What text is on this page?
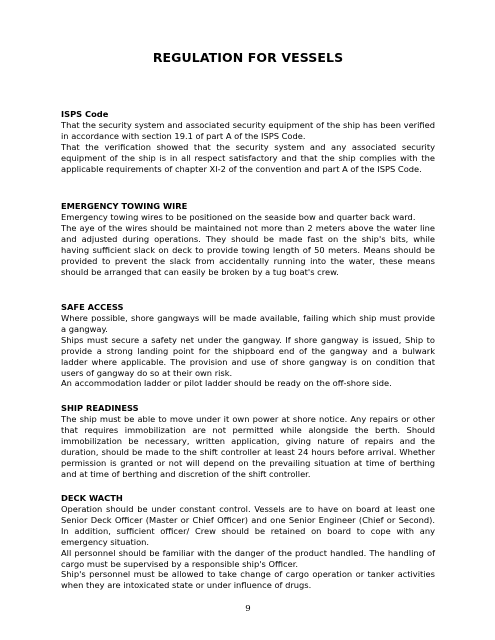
REGULATION FOR VESSELS

ISPS Code

That the security system and associated security equipment of the ship has been verified in accordance with section 19.1 of part A of the ISPS Code.

That the verification showed that the security system and any associated security equipment of the ship is in all respect satisfactory and that the ship complies with the applicable requirements of chapter XI-2 of the convention and part A of the ISPS Code.

EMERGENCY TOWING WIRE

Emergency towing wires to be positioned on the seaside bow and quarter back ward.

The aye of the wires should be maintained not more than 2 meters above the water line and adjusted during operations. They should be made fast on the ship's bits, while having sufficient slack on deck to provide towing length of 50 meters. Means should be provided to prevent the slack from accidentally running into the water, these means should be arranged that can easily be broken by a tug boat's crew.

SAFE ACCESS

Where possible, shore gangways will be made available, failing which ship must provide a gangway.

Ships must secure a safety net under the gangway. If shore gangway is issued, Ship to provide a strong landing point for the shipboard end of the gangway and a bulwark ladder where applicable. The provision and use of shore gangway is on condition that users of gangway do so at their own risk.

An accommodation ladder or pilot ladder should be ready on the off-shore side.

SHIP READINESS

The ship must be able to move under it own power at shore notice. Any repairs or other that requires immobilization are not permitted while alongside the berth. Should immobilization be necessary, written application, giving nature of repairs and the duration, should be made to the shift controller at least 24 hours before arrival. Whether permission is granted or not will depend on the prevailing situation at time of berthing and at time of berthing and discretion of the shift controller.

DECK WACTH

Operation should be under constant control. Vessels are to have on board at least one Senior Deck Officer (Master or Chief Officer) and one Senior Engineer (Chief or Second). In addition, sufficient officer/ Crew should be retained on board to cope with any emergency situation.

All personnel should be familiar with the danger of the product handled. The handling of cargo must be supervised by a responsible ship's Officer.

Ship's personnel must be allowed to take change of cargo operation or tanker activities when they are intoxicated state or under influence of drugs.

9
